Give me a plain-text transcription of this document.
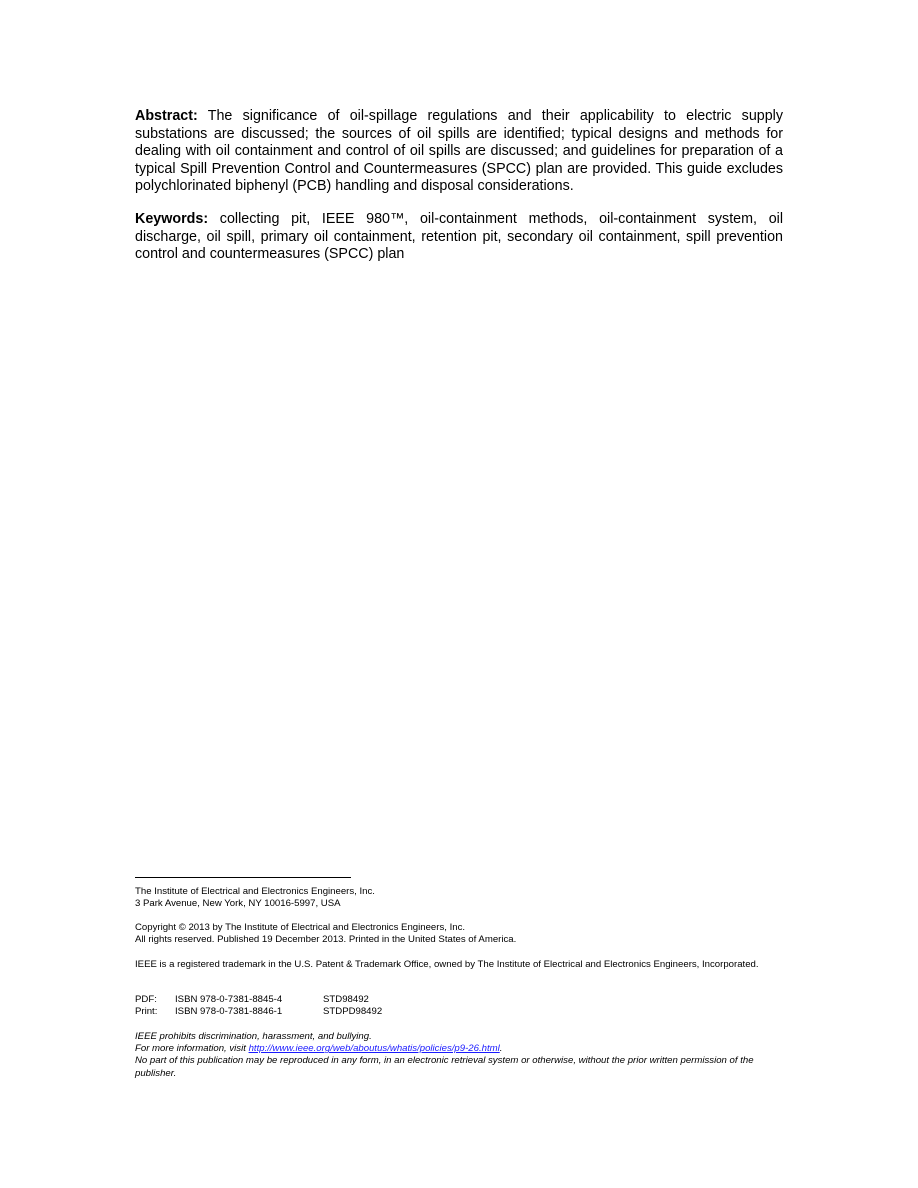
Abstract: The significance of oil-spillage regulations and their applicability to electric supply substations are discussed; the sources of oil spills are identified; typical designs and methods for dealing with oil containment and control of oil spills are discussed; and guidelines for preparation of a typical Spill Prevention Control and Countermeasures (SPCC) plan are provided. This guide excludes polychlorinated biphenyl (PCB) handling and disposal considerations.

Keywords: collecting pit, IEEE 980™, oil-containment methods, oil-containment system, oil discharge, oil spill, primary oil containment, retention pit, secondary oil containment, spill prevention control and countermeasures (SPCC) plan

The Institute of Electrical and Electronics Engineers, Inc.
3 Park Avenue, New York, NY 10016-5997, USA

Copyright © 2013 by The Institute of Electrical and Electronics Engineers, Inc.
All rights reserved. Published 19 December 2013. Printed in the United States of America.

IEEE is a registered trademark in the U.S. Patent & Trademark Office, owned by The Institute of Electrical and Electronics Engineers, Incorporated.

PDF: ISBN 978-0-7381-8845-4	STD98492
Print: ISBN 978-0-7381-8846-1	STDPD98492

IEEE prohibits discrimination, harassment, and bullying.
For more information, visit http://www.ieee.org/web/aboutus/whatis/policies/p9-26.html.
No part of this publication may be reproduced in any form, in an electronic retrieval system or otherwise, without the prior written permission of the publisher.
